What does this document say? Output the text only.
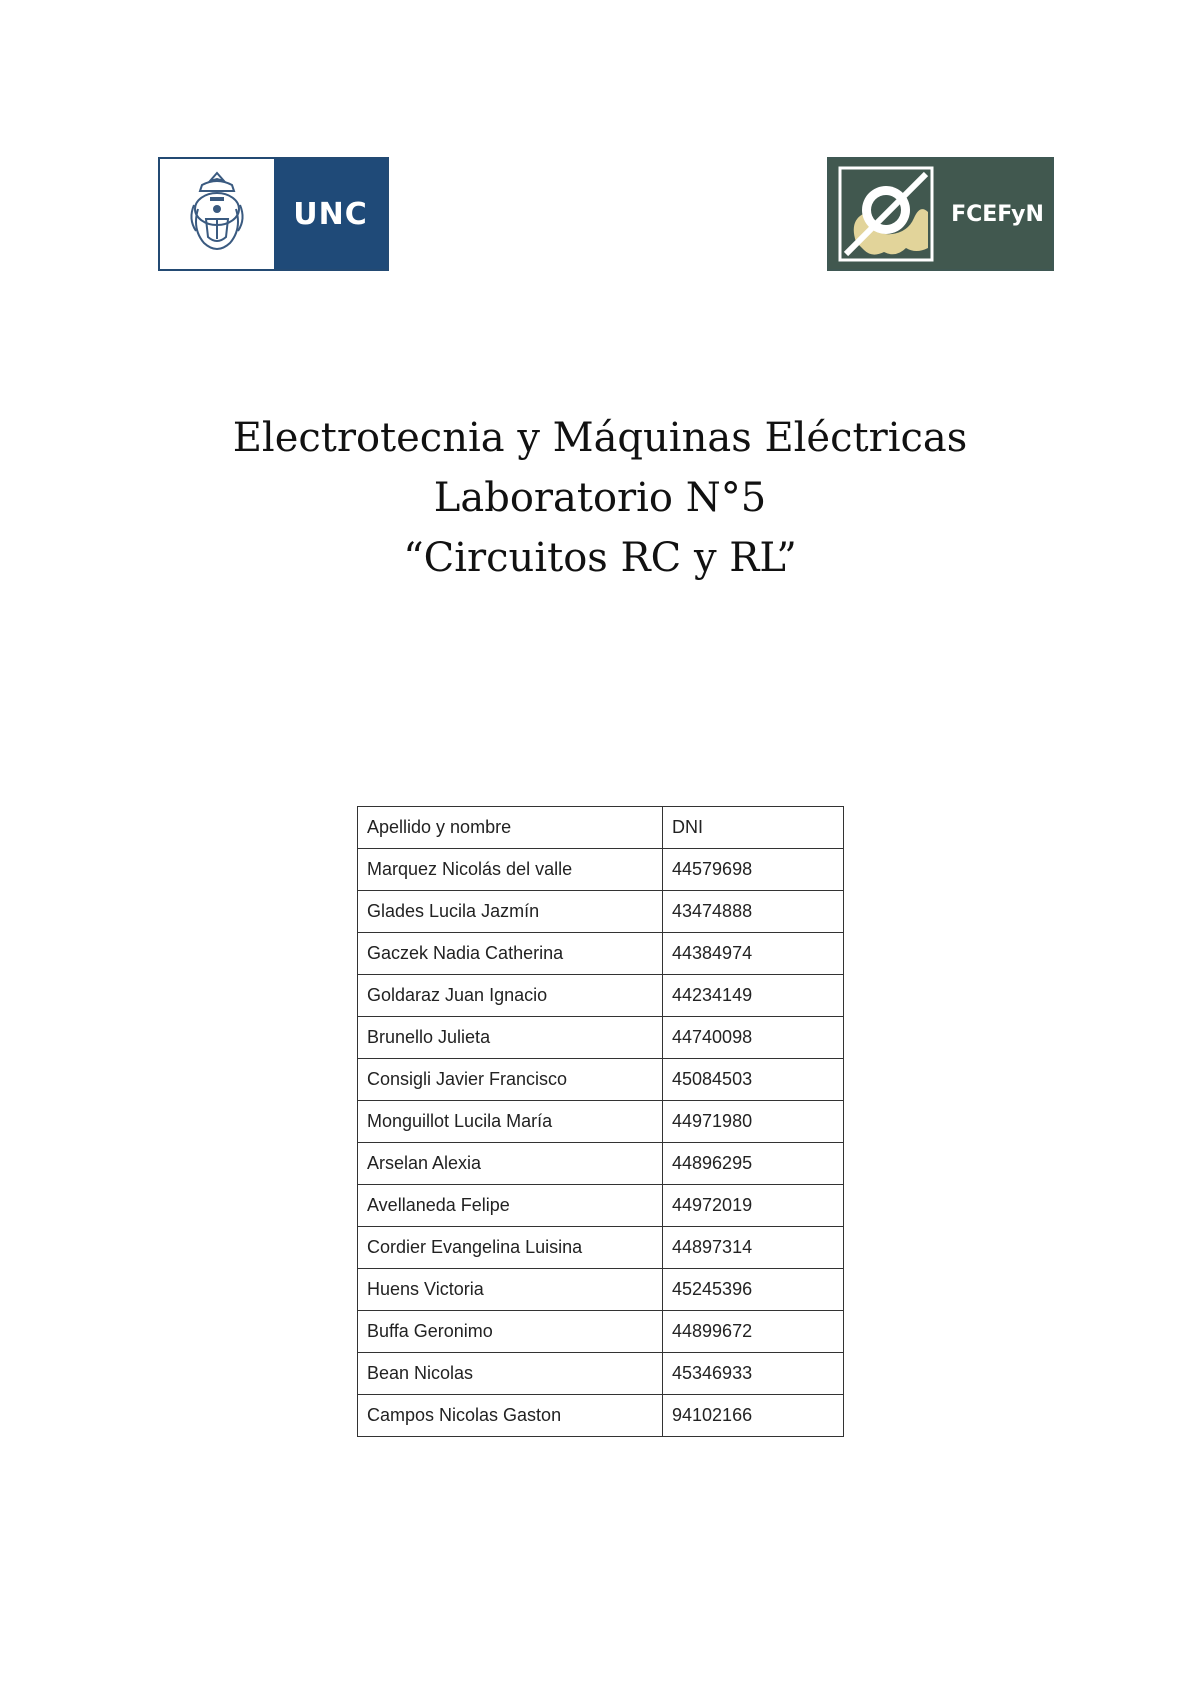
UNC	FCEFyN
Electrotecnia y Máquinas Eléctricas
Laboratorio N°5
“Circuitos RC y RL”
Apellido y nombre	DNI
Marquez Nicolás del valle	44579698
Glades Lucila Jazmín	43474888
Gaczek Nadia Catherina	44384974
Goldaraz Juan Ignacio	44234149
Brunello Julieta	44740098
Consigli Javier Francisco	45084503
Monguillot Lucila María	44971980
Arselan Alexia	44896295
Avellaneda Felipe	44972019
Cordier Evangelina Luisina	44897314
Huens Victoria	45245396
Buffa Geronimo	44899672
Bean Nicolas	45346933
Campos Nicolas Gaston	94102166
